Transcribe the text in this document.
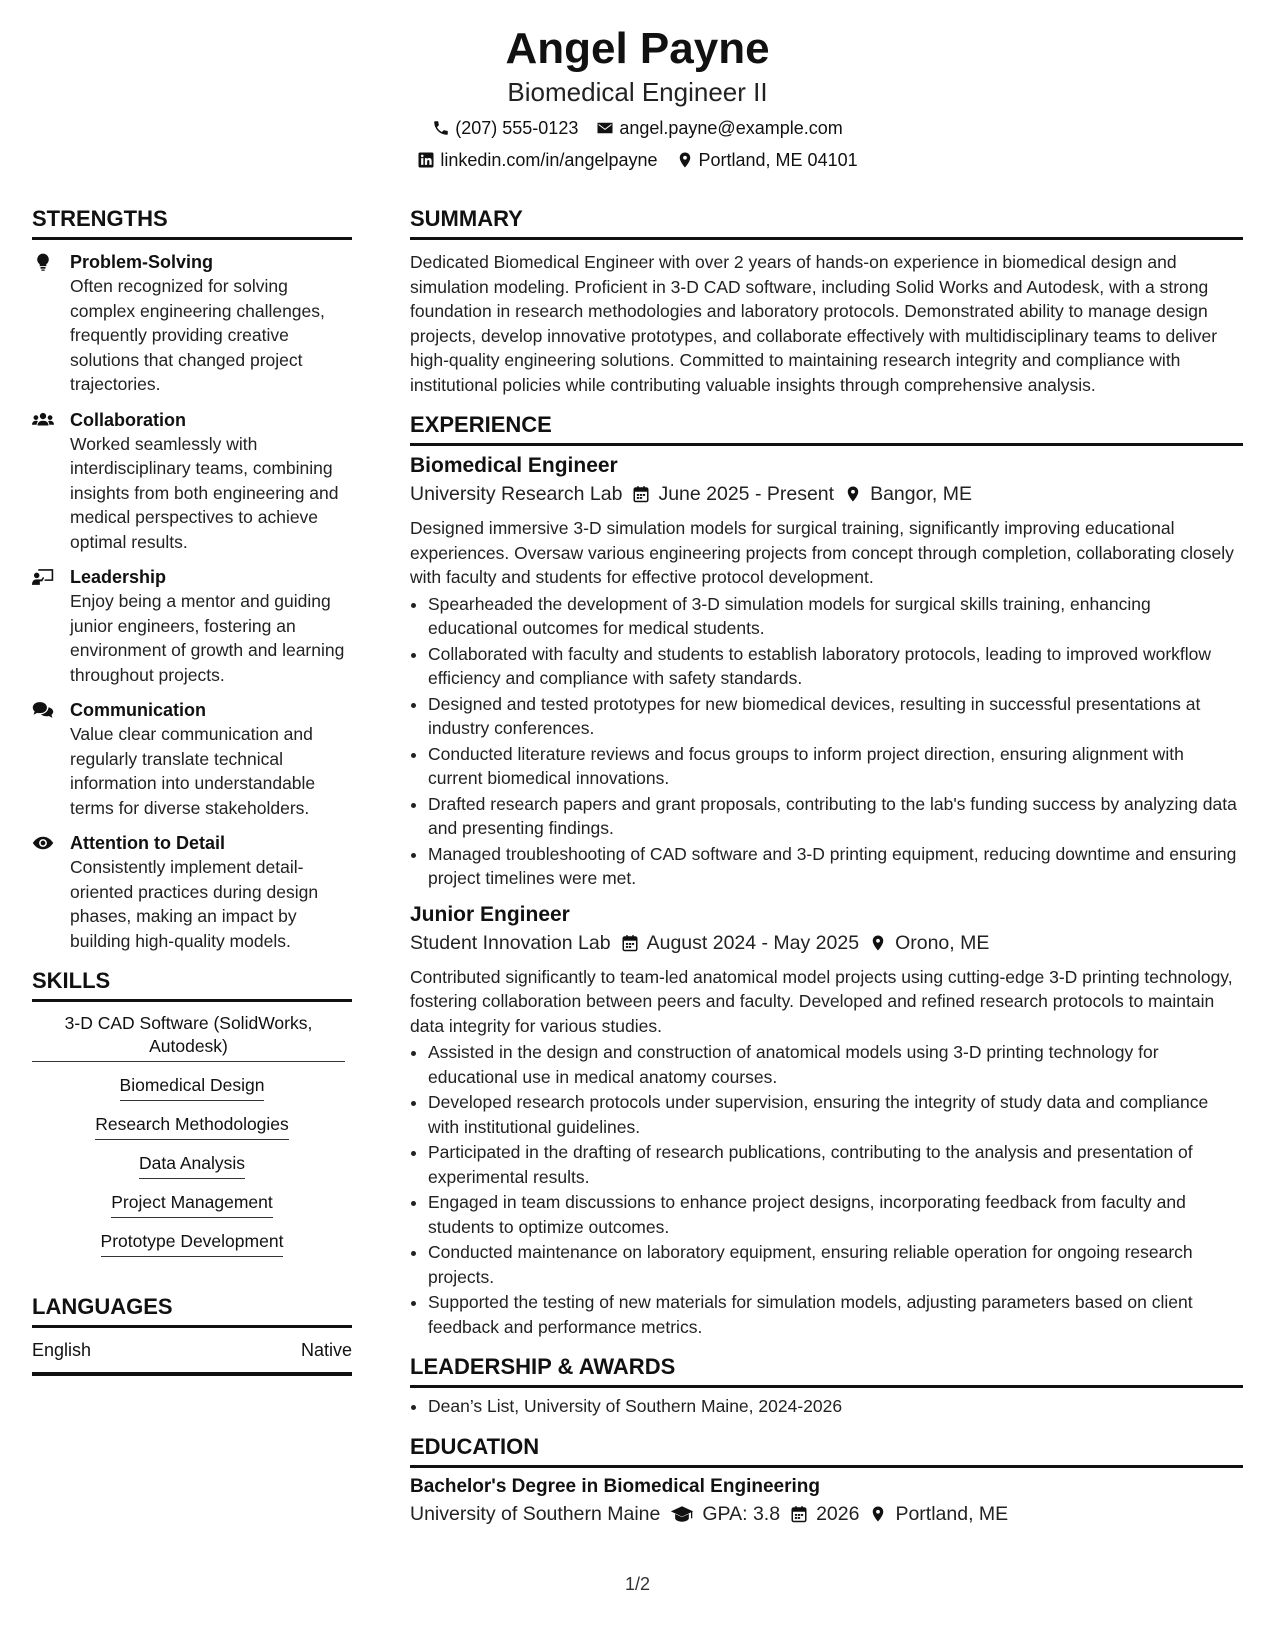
Angel Payne
Biomedical Engineer II
(207) 555-0123 angel.payne@example.com
linkedin.com/in/angelpayne Portland, ME 04101
STRENGTHS
Problem-Solving
Often recognized for solving complex engineering challenges, frequently providing creative solutions that changed project trajectories.
Collaboration
Worked seamlessly with interdisciplinary teams, combining insights from both engineering and medical perspectives to achieve optimal results.
Leadership
Enjoy being a mentor and guiding junior engineers, fostering an environment of growth and learning throughout projects.
Communication
Value clear communication and regularly translate technical information into understandable terms for diverse stakeholders.
Attention to Detail
Consistently implement detail-oriented practices during design phases, making an impact by building high-quality models.
SKILLS
3-D CAD Software (SolidWorks, Autodesk)
Biomedical Design
Research Methodologies
Data Analysis
Project Management
Prototype Development
LANGUAGES
English	Native
SUMMARY

Dedicated Biomedical Engineer with over 2 years of hands-on experience in biomedical design and simulation modeling. Proficient in 3-D CAD software, including Solid Works and Autodesk, with a strong foundation in research methodologies and laboratory protocols. Demonstrated ability to manage design projects, develop innovative prototypes, and collaborate effectively with multidisciplinary teams to deliver high-quality engineering solutions. Committed to maintaining research integrity and compliance with institutional policies while contributing valuable insights through comprehensive analysis.

EXPERIENCE
Biomedical Engineer
University Research Lab June 2025 - Present Bangor, ME

Designed immersive 3-D simulation models for surgical training, significantly improving educational experiences. Oversaw various engineering projects from concept through completion, collaborating closely with faculty and students for effective protocol development.

• Spearheaded the development of 3-D simulation models for surgical skills training, enhancing educational outcomes for medical students.
• Collaborated with faculty and students to establish laboratory protocols, leading to improved workflow efficiency and compliance with safety standards.
• Designed and tested prototypes for new biomedical devices, resulting in successful presentations at industry conferences.
• Conducted literature reviews and focus groups to inform project direction, ensuring alignment with current biomedical innovations.
• Drafted research papers and grant proposals, contributing to the lab's funding success by analyzing data and presenting findings.
• Managed troubleshooting of CAD software and 3-D printing equipment, reducing downtime and ensuring project timelines were met.
Junior Engineer
Student Innovation Lab August 2024 - May 2025 Orono, ME

Contributed significantly to team-led anatomical model projects using cutting-edge 3-D printing technology, fostering collaboration between peers and faculty. Developed and refined research protocols to maintain data integrity for various studies.

• Assisted in the design and construction of anatomical models using 3-D printing technology for educational use in medical anatomy courses.
• Developed research protocols under supervision, ensuring the integrity of study data and compliance with institutional guidelines.
• Participated in the drafting of research publications, contributing to the analysis and presentation of experimental results.
• Engaged in team discussions to enhance project designs, incorporating feedback from faculty and students to optimize outcomes.
• Conducted maintenance on laboratory equipment, ensuring reliable operation for ongoing research projects.
• Supported the testing of new materials for simulation models, adjusting parameters based on client feedback and performance metrics.
LEADERSHIP & AWARDS
• Dean’s List, University of Southern Maine, 2024-2026
EDUCATION
Bachelor's Degree in Biomedical Engineering
University of Southern Maine GPA: 3.8 2026 Portland, ME
1/2
